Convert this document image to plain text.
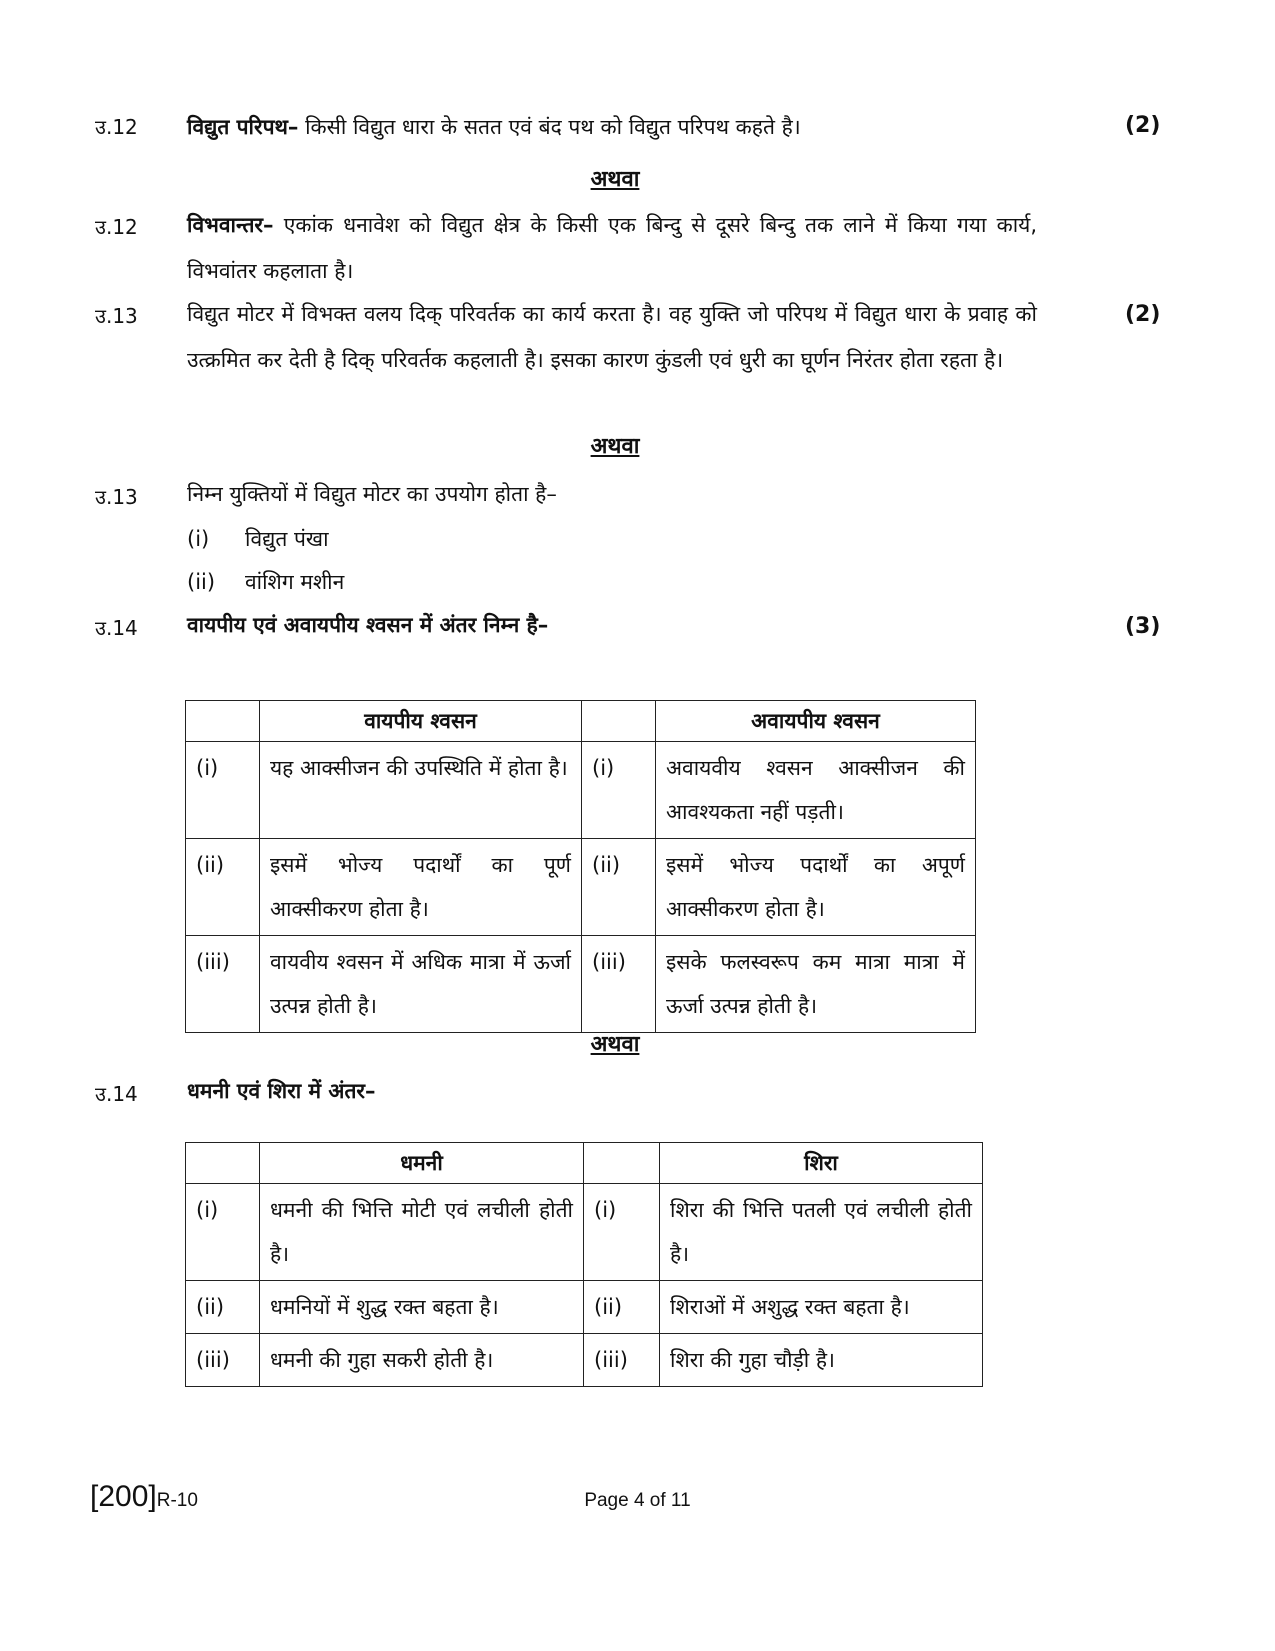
उ.12 विद्युत परिपथ– किसी विद्युत धारा के सतत एवं बंद पथ को विद्युत परिपथ कहते है।	(2)
अथवा
उ.12 विभवान्तर– एकांक धनावेश को विद्युत क्षेत्र के किसी एक बिन्दु से दूसरे बिन्दु तक लाने में किया गया कार्य, विभवांतर कहलाता है।
उ.13 विद्युत मोटर में विभक्त वलय दिक् परिवर्तक का कार्य करता है। वह युक्ति जो परिपथ में विद्युत धारा के प्रवाह को उत्क्रमित कर देती है दिक् परिवर्तक कहलाती है। इसका कारण कुंडली एवं धुरी का घूर्णन निरंतर होता रहता है।
(2)
अथवा
उ.13 निम्न युक्तियों में विद्युत मोटर का उपयोग होता है–
(i) विद्युत पंखा
(ii) वांशिग मशीन
उ.14 वायपीय एवं अवायपीय श्वसन में अंतर निम्न है–	(3)
	वायपीय श्वसन		अवायपीय श्वसन
(i)	यह आक्सीजन की उपस्थिति में होता है।	(i)	अवायवीय श्वसन आक्सीजन की आवश्यकता नहीं पड़ती।
(ii)	इसमें भोज्य पदार्थों का पूर्ण आक्सीकरण होता है।	(ii)	इसमें भोज्य पदार्थों का अपूर्ण आक्सीकरण होता है।
(iii)	वायवीय श्वसन में अधिक मात्रा में ऊर्जा उत्पन्न होती है।	(iii)	इसके फलस्वरूप कम मात्रा मात्रा में ऊर्जा उत्पन्न होती है।
अथवा
उ.14 धमनी एवं शिरा में अंतर–
	धमनी		शिरा
(i)	धमनी की भित्ति मोटी एवं लचीली होती है।	(i)	शिरा की भित्ति पतली एवं लचीली होती है।
(ii)	धमनियों में शुद्ध रक्त बहता है।	(ii)	शिराओं में अशुद्ध रक्त बहता है।
(iii)	धमनी की गुहा सकरी होती है।	(iii)	शिरा की गुहा चौड़ी है।
[200]R-10	Page 4 of 11
